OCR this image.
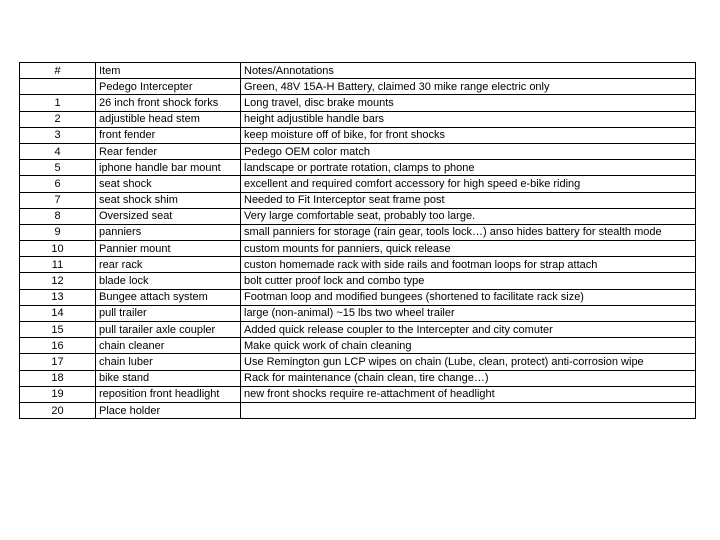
#	Item	Notes/Annotations
	Pedego Intercepter	Green, 48V 15A-H Battery, claimed 30 mike range electric only
1	26 inch front shock forks	Long travel, disc brake mounts
2	adjustible head stem	height adjustible handle bars
3	front fender	keep moisture off of bike, for front shocks
4	Rear fender	Pedego OEM color match
5	iphone handle bar mount	landscape or portrate rotation, clamps to phone
6	seat shock	excellent and required comfort accessory for high speed e-bike riding
7	seat shock shim	Needed to Fit Interceptor seat frame post
8	Oversized seat	Very large comfortable seat, probably too large.
9	panniers	small panniers for storage (rain gear, tools lock…) anso hides battery for stealth mode
10	Pannier mount	custom mounts for panniers, quick release
11	rear rack	custon homemade rack with side rails and footman loops for strap attach
12	blade lock	bolt cutter proof lock and combo type
13	Bungee attach system	Footman loop and modified bungees (shortened to facilitate rack size)
14	pull trailer	large (non-animal) ~15 lbs two wheel trailer
15	pull tarailer axle coupler	Added quick release coupler to the Intercepter and city comuter
16	chain cleaner	Make quick work of chain cleaning
17	chain luber	Use Remington gun LCP wipes on chain (Lube, clean, protect) anti-corrosion wipe
18	bike stand	Rack for maintenance (chain clean, tire change…)
19	reposition front headlight	new front shocks require re-attachment of headlight
20	Place holder	
